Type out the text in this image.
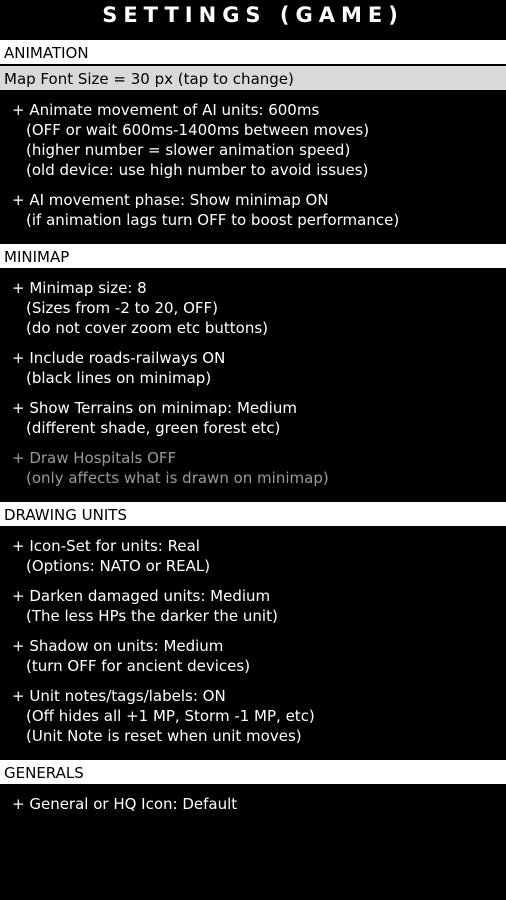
SETTINGS (GAME)
ANIMATION
Map Font Size = 30 px (tap to change)
+ Animate movement of AI units: 600ms
(OFF or wait 600ms-1400ms between moves)
(higher number = slower animation speed)
(old device: use high number to avoid issues)
+ AI movement phase: Show minimap ON
(if animation lags turn OFF to boost performance)
MINIMAP
+ Minimap size: 8
(Sizes from -2 to 20, OFF)
(do not cover zoom etc buttons)
+ Include roads-railways ON
(black lines on minimap)
+ Show Terrains on minimap: Medium
(different shade, green forest etc)
+ Draw Hospitals OFF
(only affects what is drawn on minimap)
DRAWING UNITS
+ Icon-Set for units: Real
(Options: NATO or REAL)
+ Darken damaged units: Medium
(The less HPs the darker the unit)
+ Shadow on units: Medium
(turn OFF for ancient devices)
+ Unit notes/tags/labels: ON
(Off hides all +1 MP, Storm -1 MP, etc)
(Unit Note is reset when unit moves)
GENERALS
+ General or HQ Icon: Default
